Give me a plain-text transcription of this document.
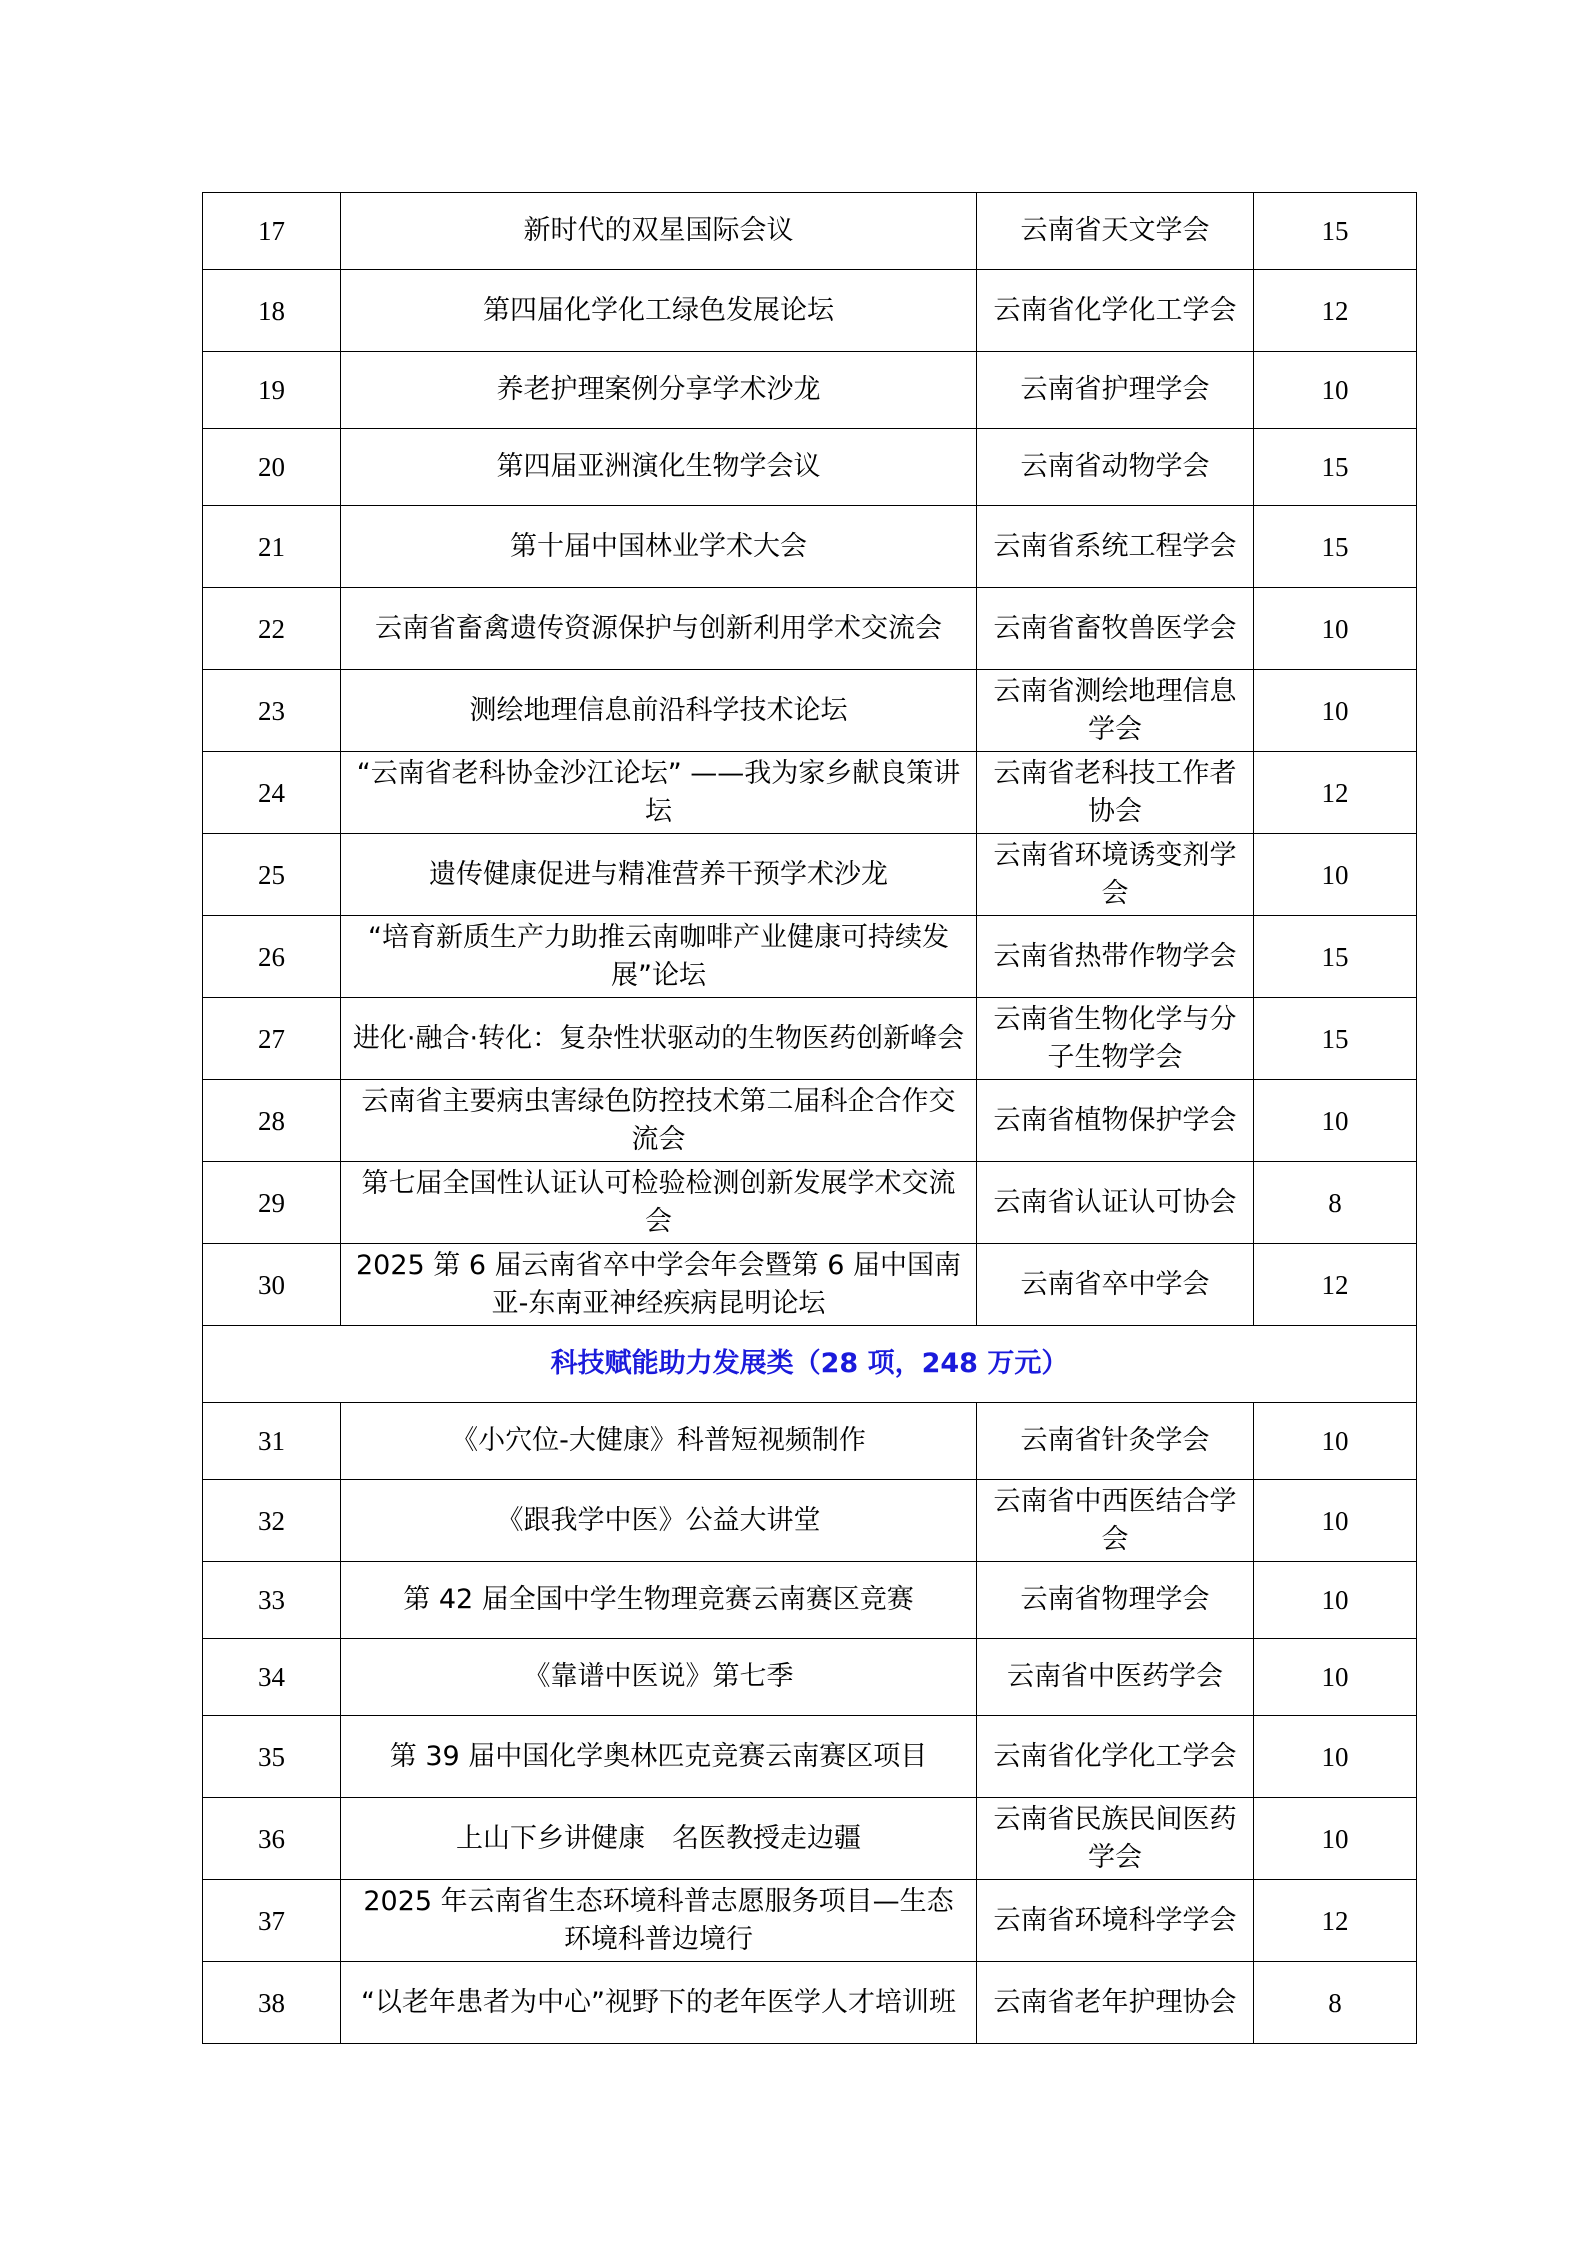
17	新时代的双星国际会议	云南省天文学会	15
18	第四届化学化工绿色发展论坛	云南省化学化工学会	12
19	养老护理案例分享学术沙龙	云南省护理学会	10
20	第四届亚洲演化生物学会议	云南省动物学会	15
21	第十届中国林业学术大会	云南省系统工程学会	15
22	云南省畜禽遗传资源保护与创新利用学术交流会	云南省畜牧兽医学会	10
23	测绘地理信息前沿科学技术论坛	云南省测绘地理信息学会	10
24	“云南省老科协金沙江论坛” ——我为家乡献良策讲坛	云南省老科技工作者协会	12
25	遗传健康促进与精准营养干预学术沙龙	云南省环境诱变剂学会	10
26	“培育新质生产力助推云南咖啡产业健康可持续发展”论坛	云南省热带作物学会	15
27	进化·融合·转化：复杂性状驱动的生物医药创新峰会	云南省生物化学与分子生物学会	15
28	云南省主要病虫害绿色防控技术第二届科企合作交流会	云南省植物保护学会	10
29	第七届全国性认证认可检验检测创新发展学术交流会	云南省认证认可协会	8
30	2025 第 6 届云南省卒中学会年会暨第 6 届中国南亚-东南亚神经疾病昆明论坛	云南省卒中学会	12
科技赋能助力发展类（28 项，248 万元）			
31	《小穴位-大健康》科普短视频制作	云南省针灸学会	10
32	《跟我学中医》公益大讲堂	云南省中西医结合学会	10
33	第 42 届全国中学生物理竞赛云南赛区竞赛	云南省物理学会	10
34	《靠谱中医说》第七季	云南省中医药学会	10
35	第 39 届中国化学奥林匹克竞赛云南赛区项目	云南省化学化工学会	10
36	上山下乡讲健康　名医教授走边疆	云南省民族民间医药学会	10
37	2025 年云南省生态环境科普志愿服务项目—生态环境科普边境行	云南省环境科学学会	12
38	“以老年患者为中心”视野下的老年医学人才培训班	云南省老年护理协会	8
